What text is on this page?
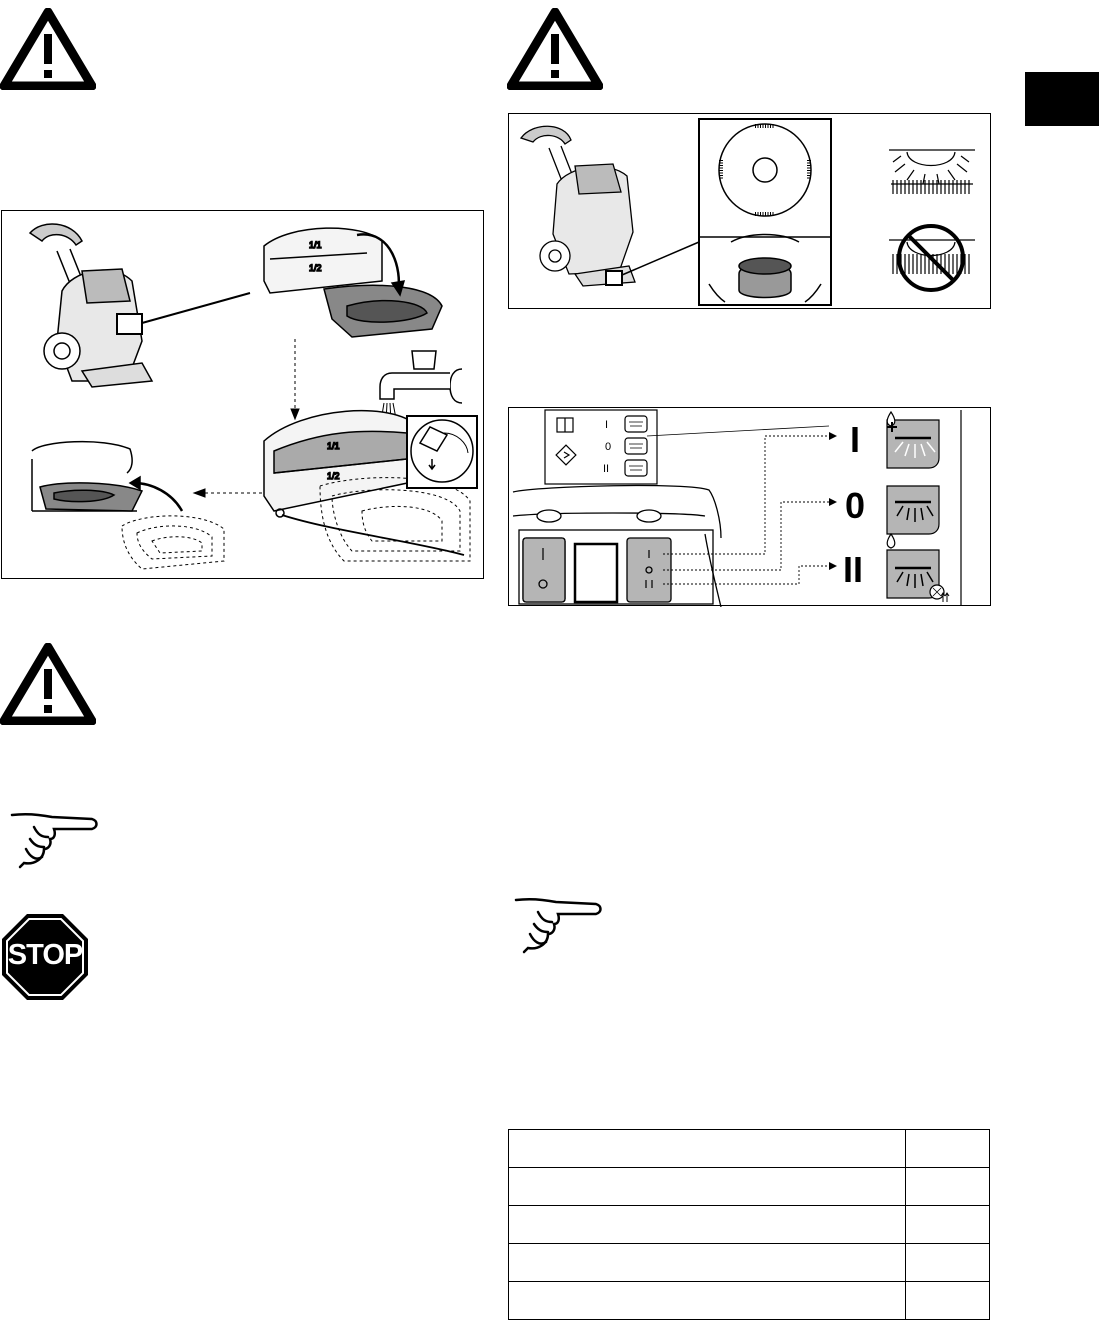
1/1
1/2
1/1
1/2
I
0
II
I
0
II
STOP
